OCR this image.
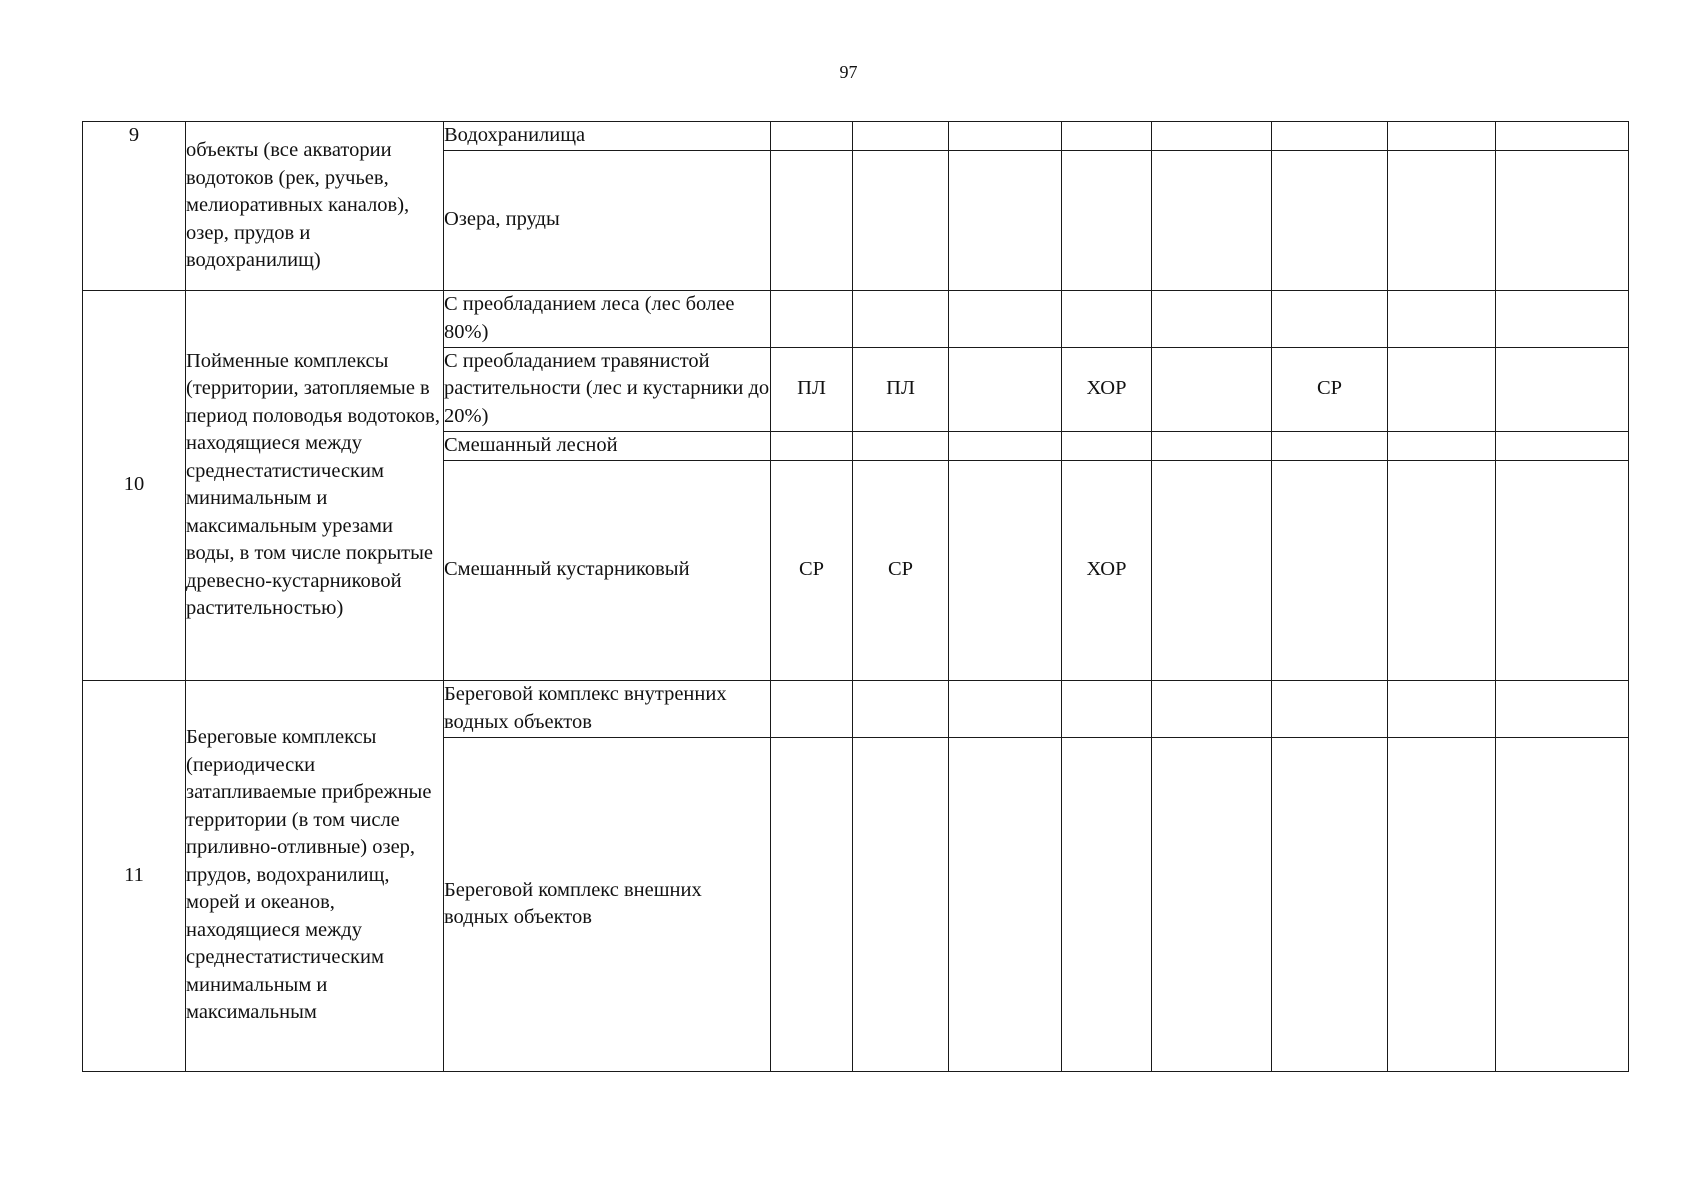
97
9	объекты (все акватории водотоков (рек, ручьев, мелиоративных каналов), озер, прудов и водохранилищ)	Водохранилища								
		Озера, пруды								
10	Пойменные комплексы (территории, затопляемые в период половодья водотоков, находящиеся между среднестатистическим минимальным и максимальным урезами воды, в том числе покрытые древесно-кустарниковой растительностью)	С преобладанием леса (лес более 80%)								
		С преобладанием травянистой растительности (лес и кустарники до 20%)	ПЛ	ПЛ		ХОР		СР		
		Смешанный лесной								
		Смешанный кустарниковый	СР	СР		ХОР				
11	Береговые комплексы (периодически затапливаемые прибрежные территории (в том числе приливно-отливные) озер, прудов, водохранилищ, морей и океанов, находящиеся между среднестатистическим минимальным и максимальным	Береговой комплекс внутренних водных объектов								
		Береговой комплекс внешних водных объектов								
